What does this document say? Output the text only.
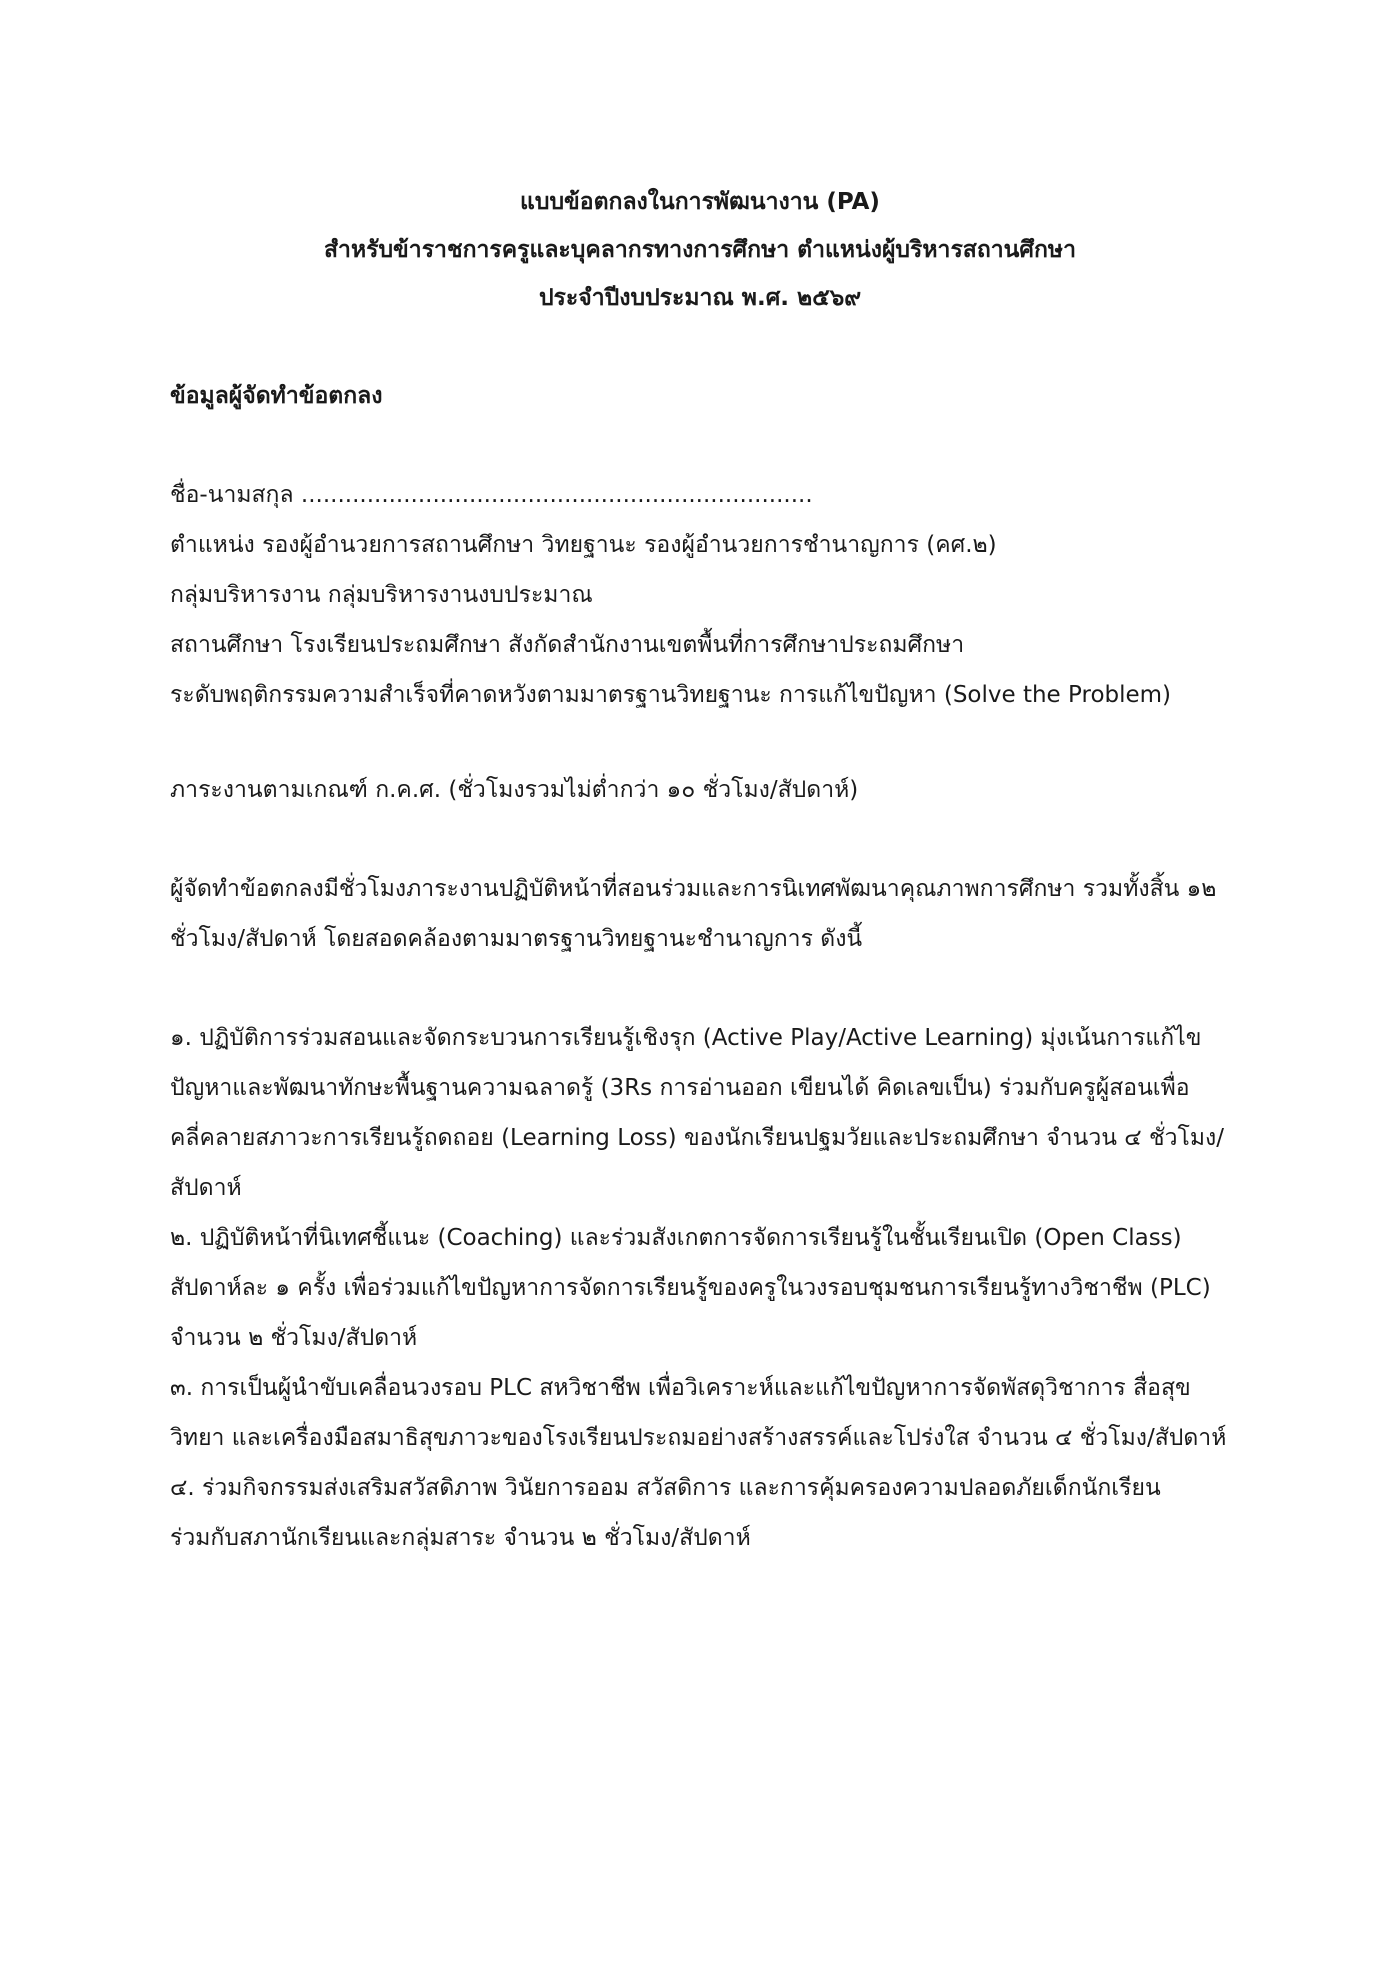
แบบข้อตกลงในการพัฒนางาน (PA)
สำหรับข้าราชการครูและบุคลากรทางการศึกษา ตำแหน่งผู้บริหารสถานศึกษา
ประจำปีงบประมาณ พ.ศ. ๒๕๖๙
ข้อมูลผู้จัดทำข้อตกลง
ชื่อ-นามสกุล ......................................................................
ตำแหน่ง รองผู้อำนวยการสถานศึกษา วิทยฐานะ รองผู้อำนวยการชำนาญการ (คศ.๒)
กลุ่มบริหารงาน กลุ่มบริหารงานงบประมาณ
สถานศึกษา โรงเรียนประถมศึกษา สังกัดสำนักงานเขตพื้นที่การศึกษาประถมศึกษา
ระดับพฤติกรรมความสำเร็จที่คาดหวังตามมาตรฐานวิทยฐานะ การแก้ไขปัญหา (Solve the Problem)
ภาระงานตามเกณฑ์ ก.ค.ศ. (ชั่วโมงรวมไม่ต่ำกว่า ๑๐ ชั่วโมง/สัปดาห์)
ผู้จัดทำข้อตกลงมีชั่วโมงภาระงานปฏิบัติหน้าที่สอนร่วมและการนิเทศพัฒนาคุณภาพการศึกษา รวมทั้งสิ้น ๑๒
ชั่วโมง/สัปดาห์ โดยสอดคล้องตามมาตรฐานวิทยฐานะชำนาญการ ดังนี้
๑. ปฏิบัติการร่วมสอนและจัดกระบวนการเรียนรู้เชิงรุก (Active Play/Active Learning) มุ่งเน้นการแก้ไข
ปัญหาและพัฒนาทักษะพื้นฐานความฉลาดรู้ (3Rs การอ่านออก เขียนได้ คิดเลขเป็น) ร่วมกับครูผู้สอนเพื่อ
คลี่คลายสภาวะการเรียนรู้ถดถอย (Learning Loss) ของนักเรียนปฐมวัยและประถมศึกษา จำนวน ๔ ชั่วโมง/
สัปดาห์
๒. ปฏิบัติหน้าที่นิเทศชี้แนะ (Coaching) และร่วมสังเกตการจัดการเรียนรู้ในชั้นเรียนเปิด (Open Class)
สัปดาห์ละ ๑ ครั้ง เพื่อร่วมแก้ไขปัญหาการจัดการเรียนรู้ของครูในวงรอบชุมชนการเรียนรู้ทางวิชาชีพ (PLC)
จำนวน ๒ ชั่วโมง/สัปดาห์
๓. การเป็นผู้นำขับเคลื่อนวงรอบ PLC สหวิชาชีพ เพื่อวิเคราะห์และแก้ไขปัญหาการจัดพัสดุวิชาการ สื่อสุข
วิทยา และเครื่องมือสมาธิสุขภาวะของโรงเรียนประถมอย่างสร้างสรรค์และโปร่งใส จำนวน ๔ ชั่วโมง/สัปดาห์
๔. ร่วมกิจกรรมส่งเสริมสวัสดิภาพ วินัยการออม สวัสดิการ และการคุ้มครองความปลอดภัยเด็กนักเรียน
ร่วมกับสภานักเรียนและกลุ่มสาระ จำนวน ๒ ชั่วโมง/สัปดาห์
